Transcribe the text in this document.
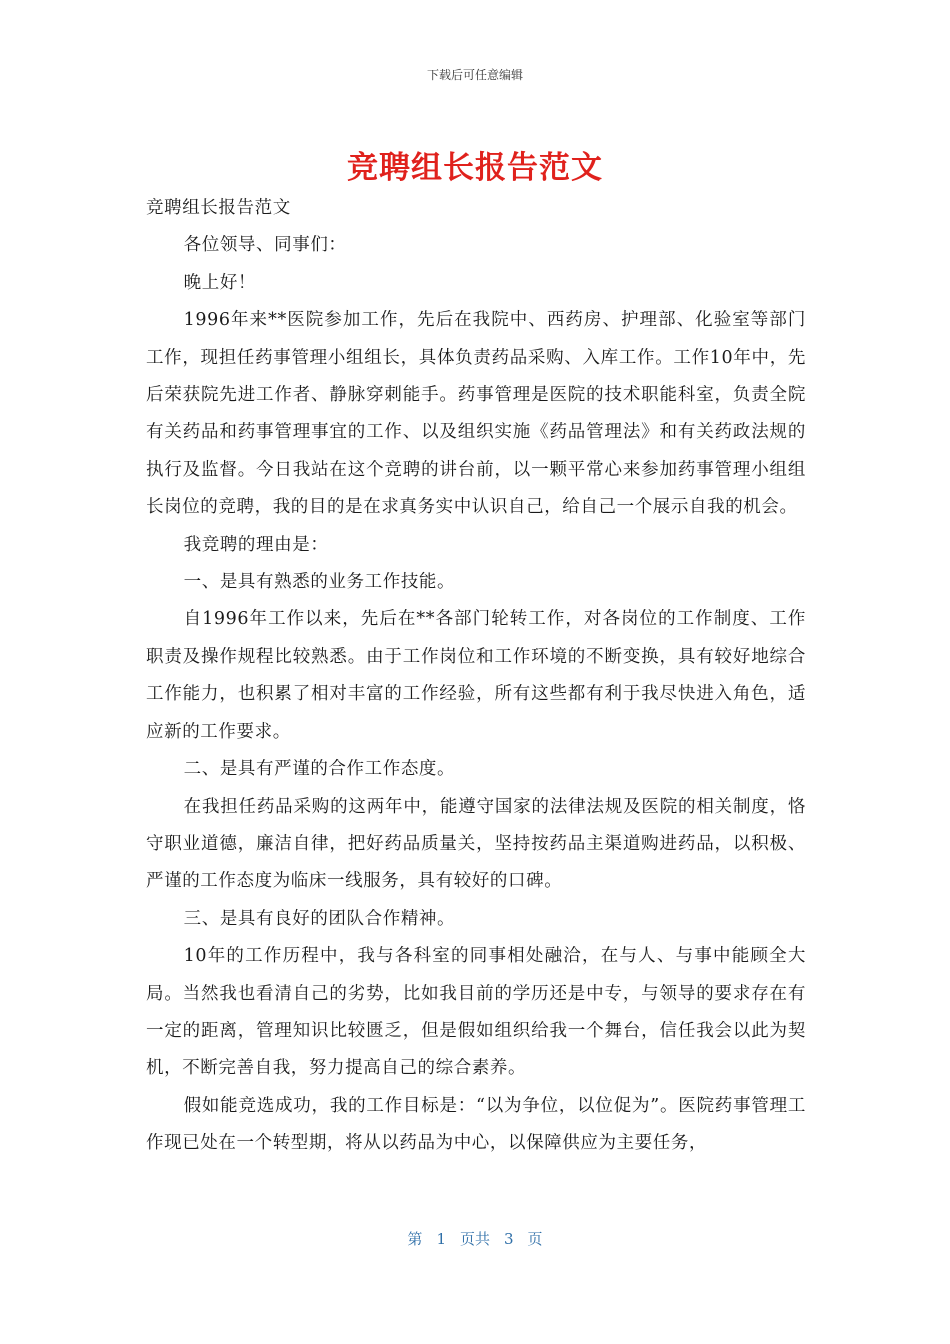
下载后可任意编辑
竞聘组长报告范文

竞聘组长报告范文

各位领导、同事们：

晚上好！

1996年来**医院参加工作，先后在我院中、西药房、护理部、化验室等部门工作，现担任药事管理小组组长，具体负责药品采购、入库工作。工作10年中，先后荣获院先进工作者、静脉穿刺能手。药事管理是医院的技术职能科室，负责全院有关药品和药事管理事宜的工作、以及组织实施《药品管理法》和有关药政法规的执行及监督。今日我站在这个竞聘的讲台前，以一颗平常心来参加药事管理小组组长岗位的竞聘，我的目的是在求真务实中认识自己，给自己一个展示自我的机会。

我竞聘的理由是：

一、是具有熟悉的业务工作技能。

自1996年工作以来，先后在**各部门轮转工作，对各岗位的工作制度、工作职责及操作规程比较熟悉。由于工作岗位和工作环境的不断变换，具有较好地综合工作能力，也积累了相对丰富的工作经验，所有这些都有利于我尽快进入角色，适应新的工作要求。

二、是具有严谨的合作工作态度。

在我担任药品采购的这两年中，能遵守国家的法律法规及医院的相关制度，恪守职业道德，廉洁自律，把好药品质量关，坚持按药品主渠道购进药品，以积极、严谨的工作态度为临床一线服务，具有较好的口碑。

三、是具有良好的团队合作精神。

10年的工作历程中，我与各科室的同事相处融洽，在与人、与事中能顾全大局。当然我也看清自己的劣势，比如我目前的学历还是中专，与领导的要求存在有一定的距离，管理知识比较匮乏，但是假如组织给我一个舞台，信任我会以此为契机，不断完善自我，努力提高自己的综合素养。

假如能竞选成功，我的工作目标是：“以为争位，以位促为”。医院药事管理工作现已处在一个转型期，将从以药品为中心，以保障供应为主要任务，

第 1 页共 3 页
